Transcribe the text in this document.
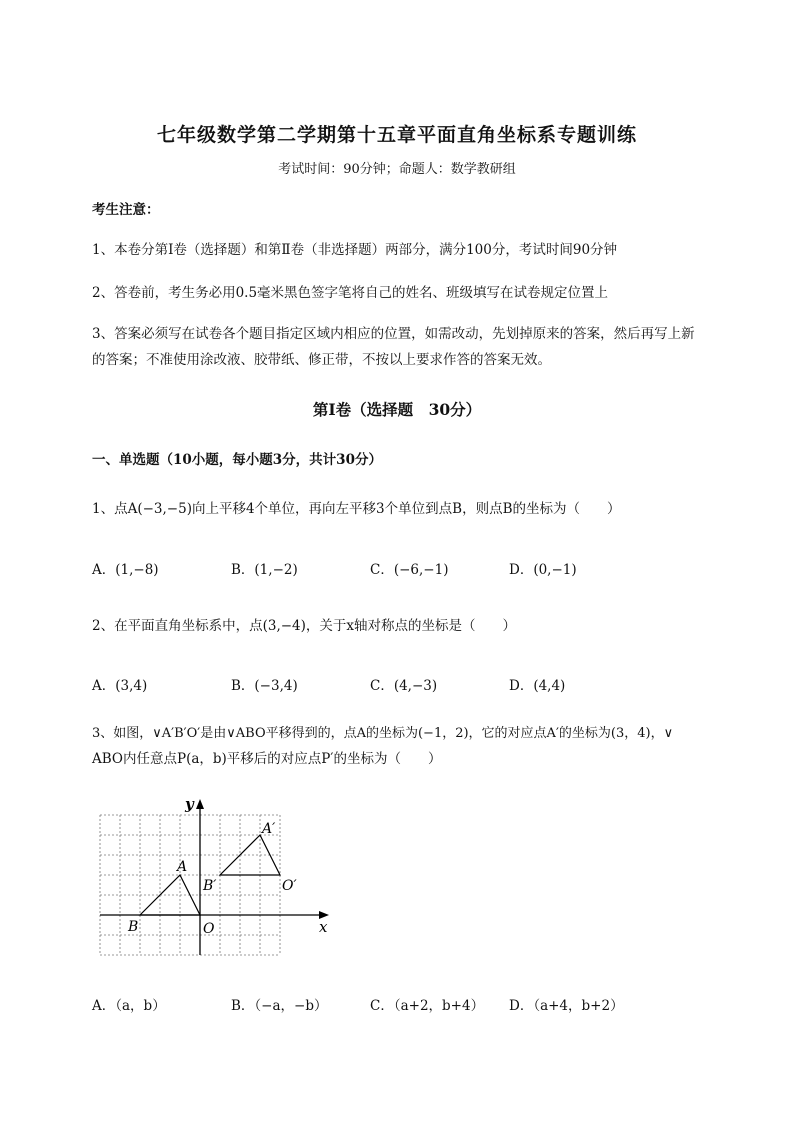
七年级数学第二学期第十五章平面直角坐标系专题训练
考试时间：90分钟；命题人：数学教研组
考生注意：
1、本卷分第Ⅰ卷（选择题）和第Ⅱ卷（非选择题）两部分，满分100分，考试时间90分钟
2、答卷前，考生务必用0.5毫米黑色签字笔将自己的姓名、班级填写在试卷规定位置上
3、答案必须写在试卷各个题目指定区域内相应的位置，如需改动，先划掉原来的答案，然后再写上新
的答案；不准使用涂改液、胶带纸、修正带，不按以上要求作答的答案无效。
第Ⅰ卷（选择题　30分）
一、单选题（10小题，每小题3分，共计30分）
1、点A(−3,−5)向上平移4个单位，再向左平移3个单位到点B，则点B的坐标为（　　）
A．(1,−8)	B．(1,−2)	C．(−6,−1)	D．(0,−1)
2、在平面直角坐标系中，点(3,−4)，关于x轴对称点的坐标是（　　）
A．(3,4)	B．(−3,4)	C．(4,−3)	D．(4,4)
3、如图，∨A′B′O′是由∨ABO平移得到的，点A的坐标为(−1，2)，它的对应点A′的坐标为(3，4)，∨
ABO内任意点P(a，b)平移后的对应点P′的坐标为（　　）
y
x
A
B	O
A′
B′	O′
A．（a，b）	B．（−a，−b）	C．（a+2，b+4） D．（a+4，b+2）
